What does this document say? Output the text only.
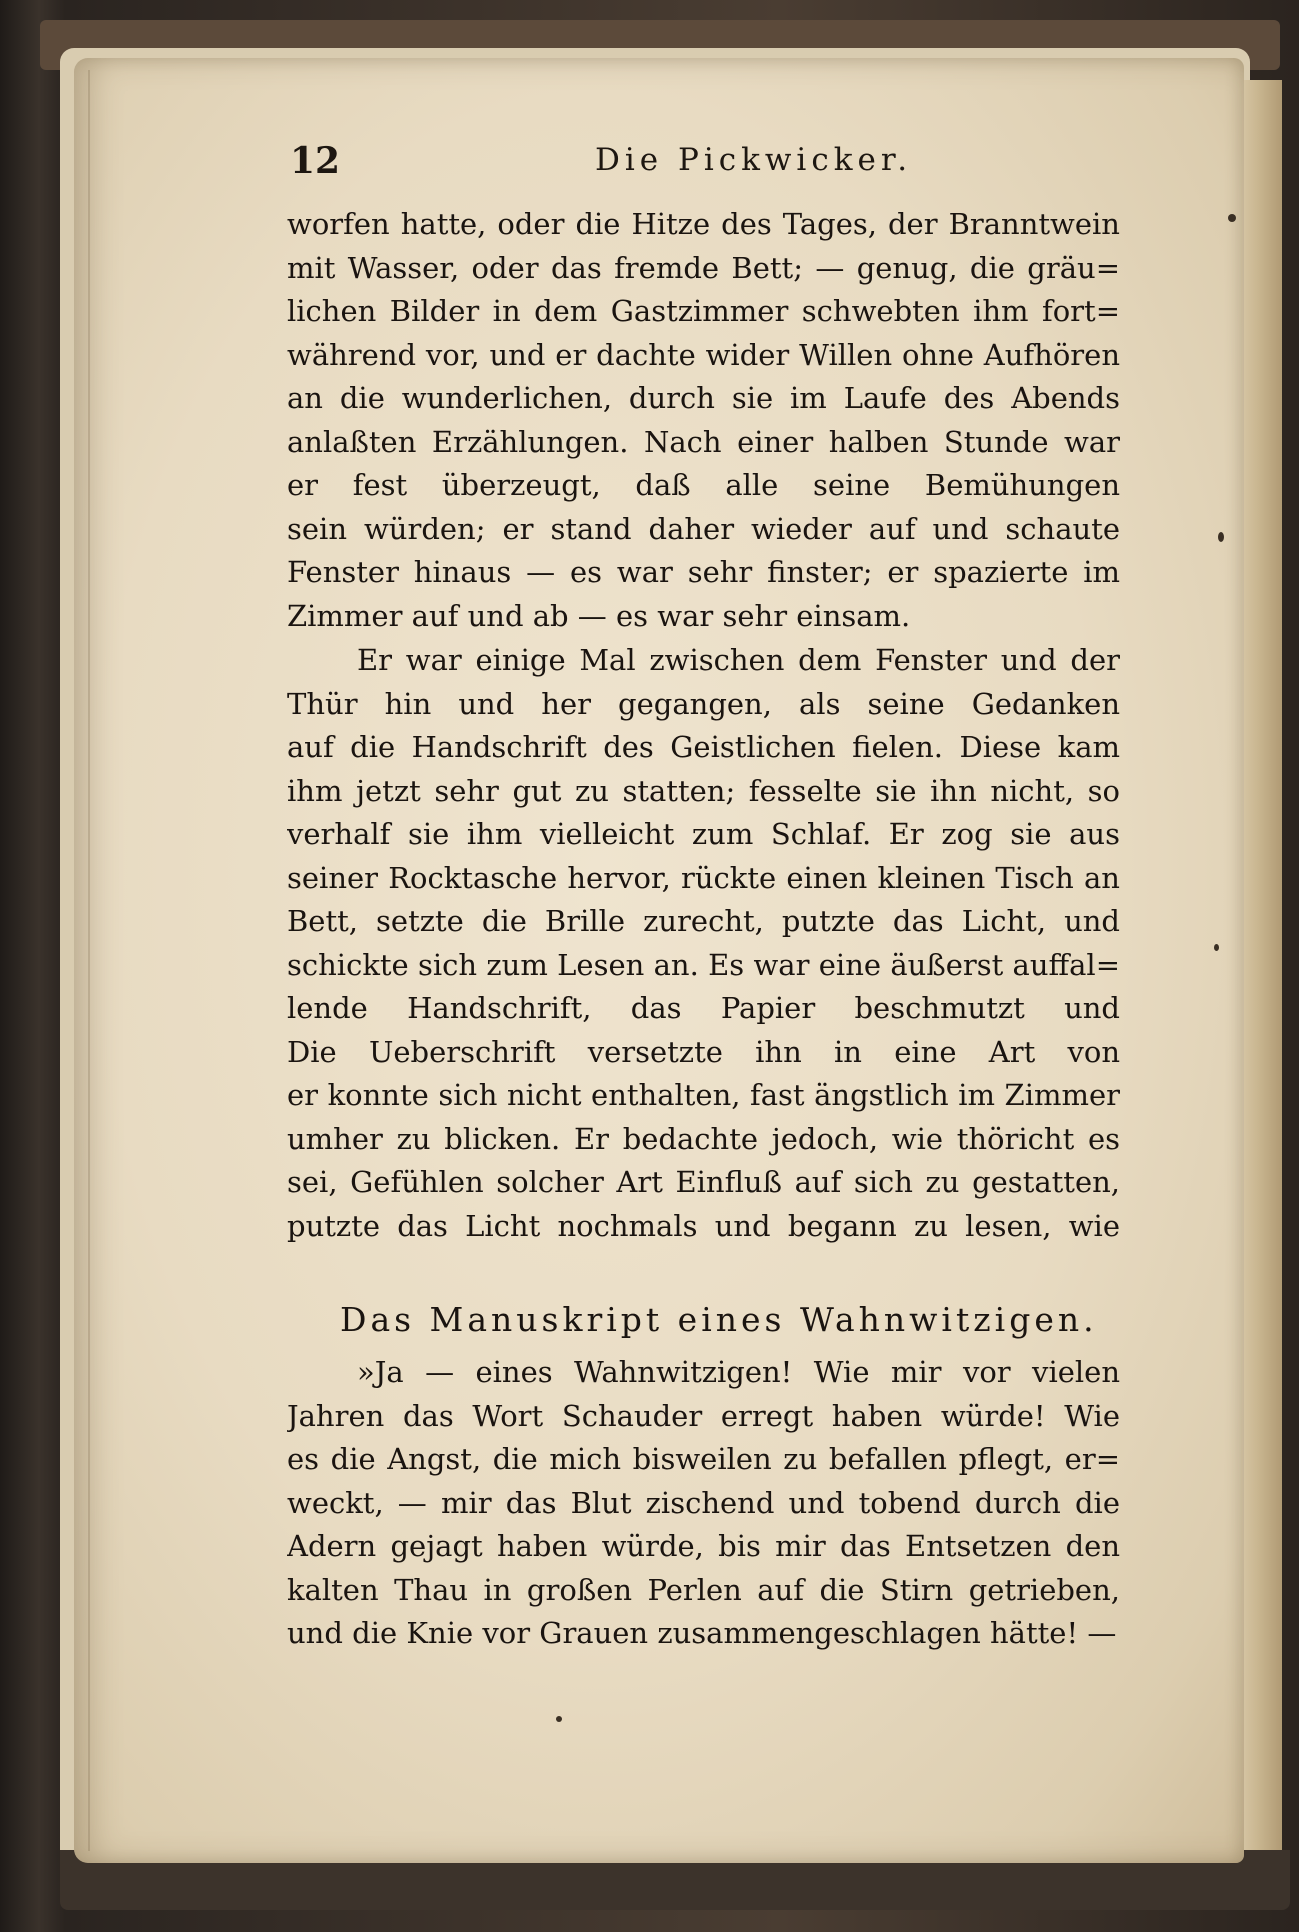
12	Die Pickwicker.
worfen hatte, oder die Hitze des Tages, der Branntwein
mit Wasser, oder das fremde Bett; — genug, die gräu=
lichen Bilder in dem Gastzimmer schwebten ihm fort=
während vor, und er dachte wider Willen ohne Aufhören
an die wunderlichen, durch sie im Laufe des Abends
anlaßten Erzählungen. Nach einer halben Stunde war
er fest überzeugt, daß alle seine Bemühungen
sein würden; er stand daher wieder auf und schaute
Fenster hinaus — es war sehr finster; er spazierte im
Zimmer auf und ab — es war sehr einsam.
Er war einige Mal zwischen dem Fenster und der
Thür hin und her gegangen, als seine Gedanken
auf die Handschrift des Geistlichen fielen. Diese kam
ihm jetzt sehr gut zu statten; fesselte sie ihn nicht, so
verhalf sie ihm vielleicht zum Schlaf. Er zog sie aus
seiner Rocktasche hervor, rückte einen kleinen Tisch an
Bett, setzte die Brille zurecht, putzte das Licht, und
schickte sich zum Lesen an. Es war eine äußerst auffal=
lende Handschrift, das Papier beschmutzt und
Die Ueberschrift versetzte ihn in eine Art von
er konnte sich nicht enthalten, fast ängstlich im Zimmer
umher zu blicken. Er bedachte jedoch, wie thöricht es
sei, Gefühlen solcher Art Einfluß auf sich zu gestatten,
putzte das Licht nochmals und begann zu lesen, wie
Das Manuskript eines Wahnwitzigen.
»Ja — eines Wahnwitzigen! Wie mir vor vielen
Jahren das Wort Schauder erregt haben würde! Wie
es die Angst, die mich bisweilen zu befallen pflegt, er=
weckt, — mir das Blut zischend und tobend durch die
Adern gejagt haben würde, bis mir das Entsetzen den
kalten Thau in großen Perlen auf die Stirn getrieben,
und die Knie vor Grauen zusammengeschlagen hätte! —
